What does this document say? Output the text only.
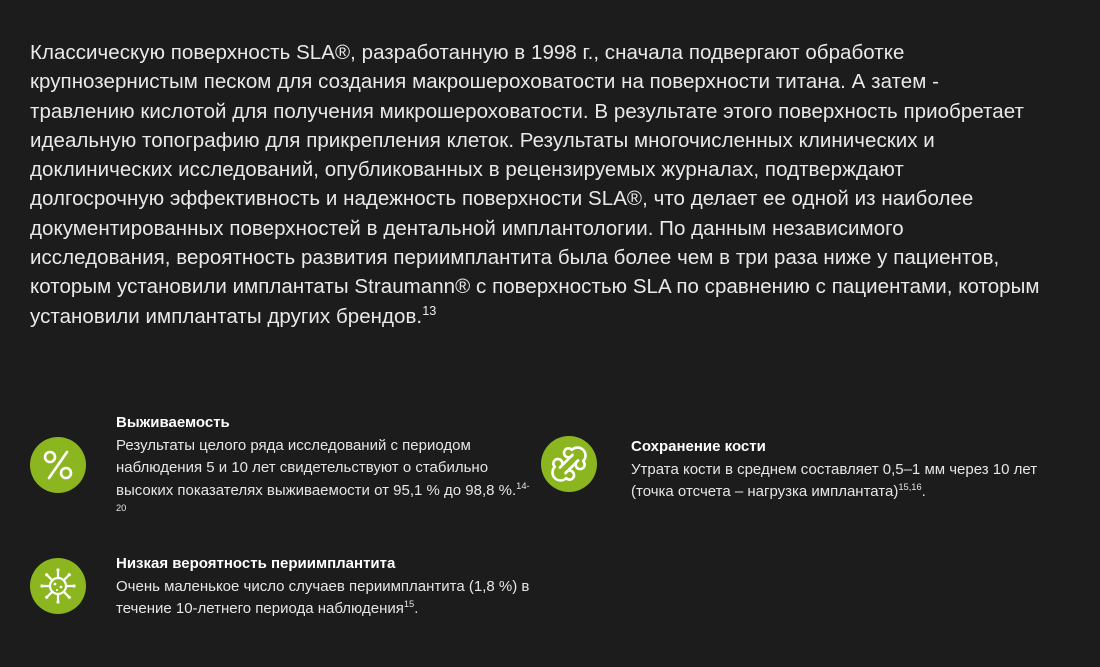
Классическую поверхность SLA®, разработанную в 1998 г., сначала подвергают обработке крупнозернистым песком для создания макрошероховатости на поверхности титана. А затем - травлению кислотой для получения микрошероховатости. В результате этого поверхность приобретает идеальную топографию для прикрепления клеток. Результаты многочисленных клинических и доклинических исследований, опубликованных в рецензируемых журналах, подтверждают долгосрочную эффективность и надежность поверхности SLA®, что делает ее одной из наиболее документированных поверхностей в дентальной имплантологии. По данным независимого исследования, вероятность развития периимплантита была более чем в три раза ниже у пациентов, которым установили имплантаты Straumann® с поверхностью SLA по сравнению с пациентами, которым установили имплантаты других брендов.$^{13}$

Выживаемость
Результаты целого ряда исследований с периодом наблюдения 5 и 10 лет свидетельствуют о стабильно высоких показателях выживаемости от 95,1 % до 98,8 %.$^{14-20}$
Сохранение кости
Утрата кости в среднем составляет 0,5–1 мм через 10 лет (точка отсчета – нагрузка имплантата)$^{15,16}$.
Низкая вероятность периимплантита
Очень маленькое число случаев периимплантита (1,8 %) в течение 10-летнего периода наблюдения$^{15}$.
